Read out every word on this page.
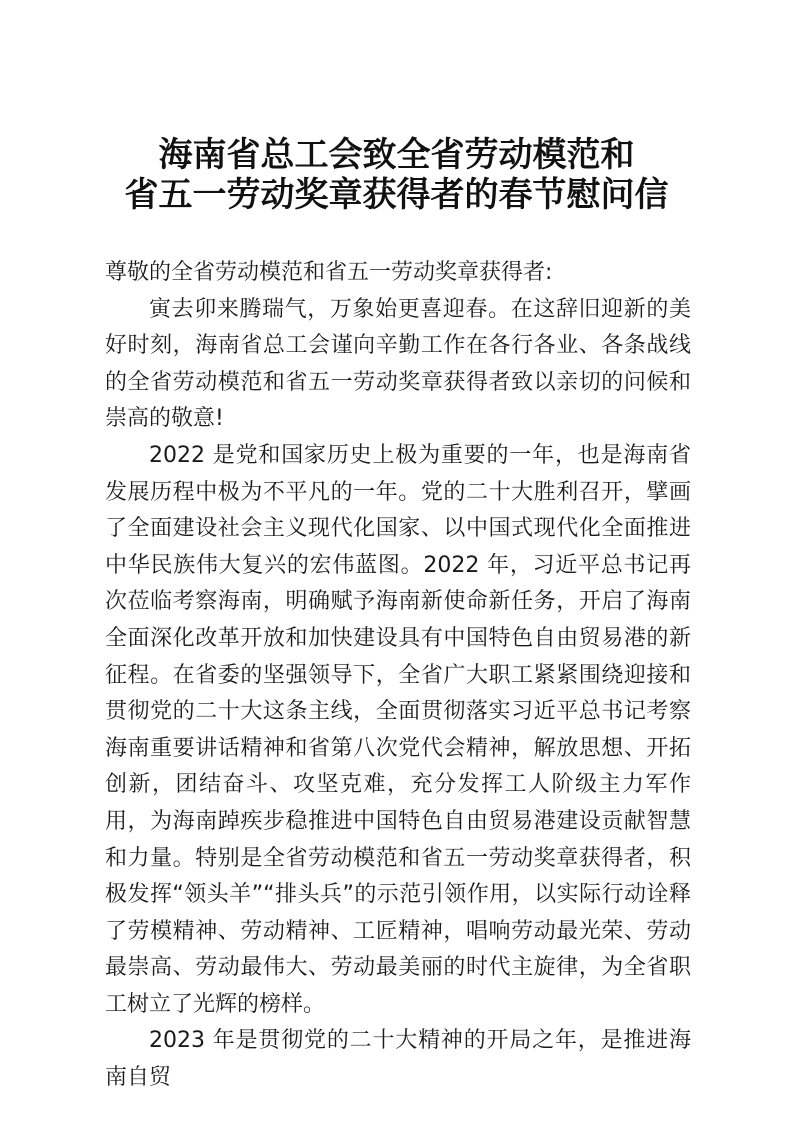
海南省总工会致全省劳动模范和
省五一劳动奖章获得者的春节慰问信

尊敬的全省劳动模范和省五一劳动奖章获得者:

寅去卯来腾瑞气，万象始更喜迎春。在这辞旧迎新的美好时刻，海南省总工会谨向辛勤工作在各行各业、各条战线的全省劳动模范和省五一劳动奖章获得者致以亲切的问候和崇高的敬意!

2022 是党和国家历史上极为重要的一年，也是海南省发展历程中极为不平凡的一年。党的二十大胜利召开，擘画了全面建设社会主义现代化国家、以中国式现代化全面推进中华民族伟大复兴的宏伟蓝图。2022 年，习近平总书记再次莅临考察海南，明确赋予海南新使命新任务，开启了海南全面深化改革开放和加快建设具有中国特色自由贸易港的新征程。在省委的坚强领导下，全省广大职工紧紧围绕迎接和贯彻党的二十大这条主线，全面贯彻落实习近平总书记考察海南重要讲话精神和省第八次党代会精神，解放思想、开拓创新，团结奋斗、攻坚克难，充分发挥工人阶级主力军作用，为海南踔疾步稳推进中国特色自由贸易港建设贡献智慧和力量。特别是全省劳动模范和省五一劳动奖章获得者，积极发挥“领头羊”“排头兵”的示范引领作用，以实际行动诠释了劳模精神、劳动精神、工匠精神，唱响劳动最光荣、劳动最崇高、劳动最伟大、劳动最美丽的时代主旋律，为全省职工树立了光辉的榜样。

2023 年是贯彻党的二十大精神的开局之年，是推进海南自贸
